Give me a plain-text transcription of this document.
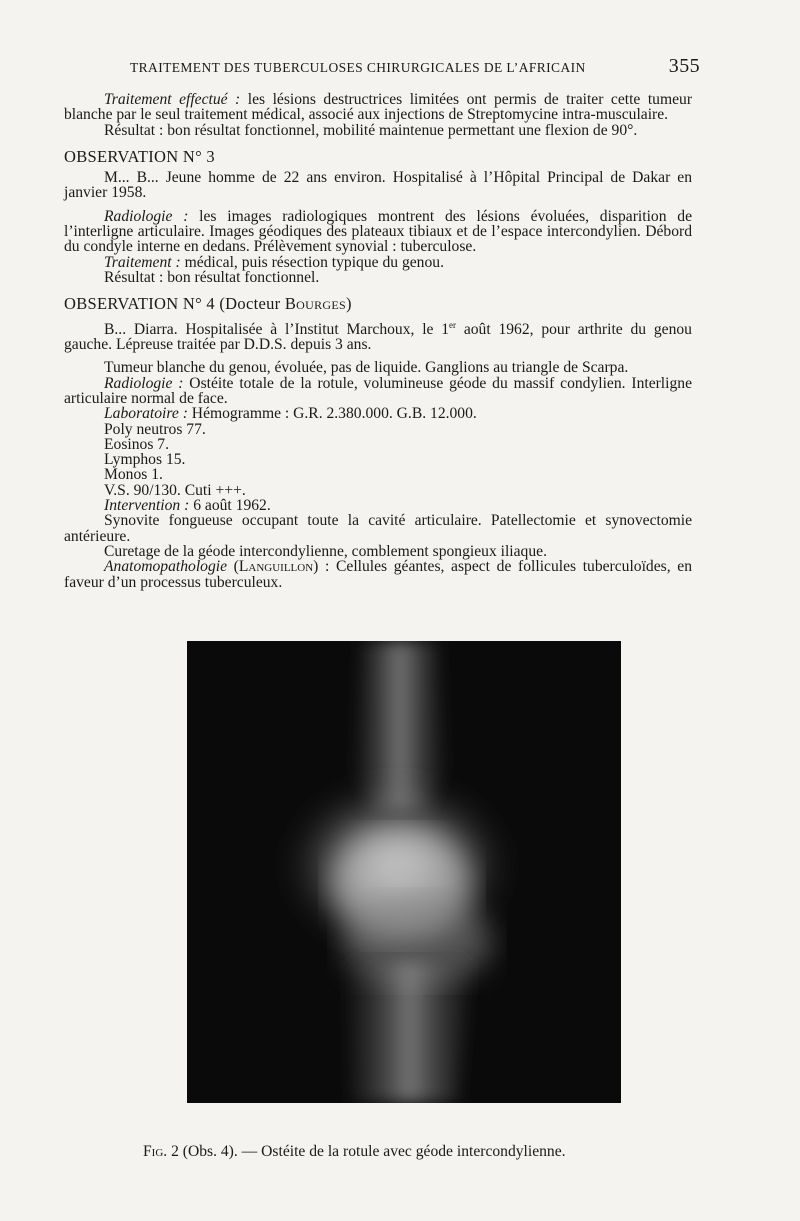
TRAITEMENT DES TUBERCULOSES CHIRURGICALES DE L’AFRICAIN	355

Traitement effectué : les lésions destructrices limitées ont permis de traiter cette tumeur blanche par le seul traitement médical, associé aux injections de Streptomycine intra-musculaire.

Résultat : bon résultat fonctionnel, mobilité maintenue permettant une flexion de 90°.

OBSERVATION N° 3

M... B... Jeune homme de 22 ans environ. Hospitalisé à l’Hôpital Principal de Dakar en janvier 1958.

Radiologie : les images radiologiques montrent des lésions évoluées, disparition de l’interligne articulaire. Images géodiques des plateaux tibiaux et de l’espace intercondylien. Débord du condyle interne en dedans. Prélèvement synovial : tuberculose.

Traitement : médical, puis résection typique du genou.

Résultat : bon résultat fonctionnel.

OBSERVATION N° 4 (Docteur Bourges)

B... Diarra. Hospitalisée à l’Institut Marchoux, le 1er août 1962, pour arthrite du genou gauche. Lépreuse traitée par D.D.S. depuis 3 ans.

Tumeur blanche du genou, évoluée, pas de liquide. Ganglions au triangle de Scarpa.

Radiologie : Ostéite totale de la rotule, volumineuse géode du massif condylien. Interligne articulaire normal de face.

Laboratoire : Hémogramme : G.R. 2.380.000. G.B. 12.000.

Poly neutros 77.

Eosinos 7.

Lymphos 15.

Monos 1.

V.S. 90/130. Cuti +++.

Intervention : 6 août 1962.

Synovite fongueuse occupant toute la cavité articulaire. Patellectomie et synovectomie antérieure.

Curetage de la géode intercondylienne, comblement spongieux iliaque.

Anatomopathologie (Languillon) : Cellules géantes, aspect de follicules tuberculoïdes, en faveur d’un processus tuberculeux.

Fig. 2 (Obs. 4). — Ostéite de la rotule avec géode intercondylienne.
